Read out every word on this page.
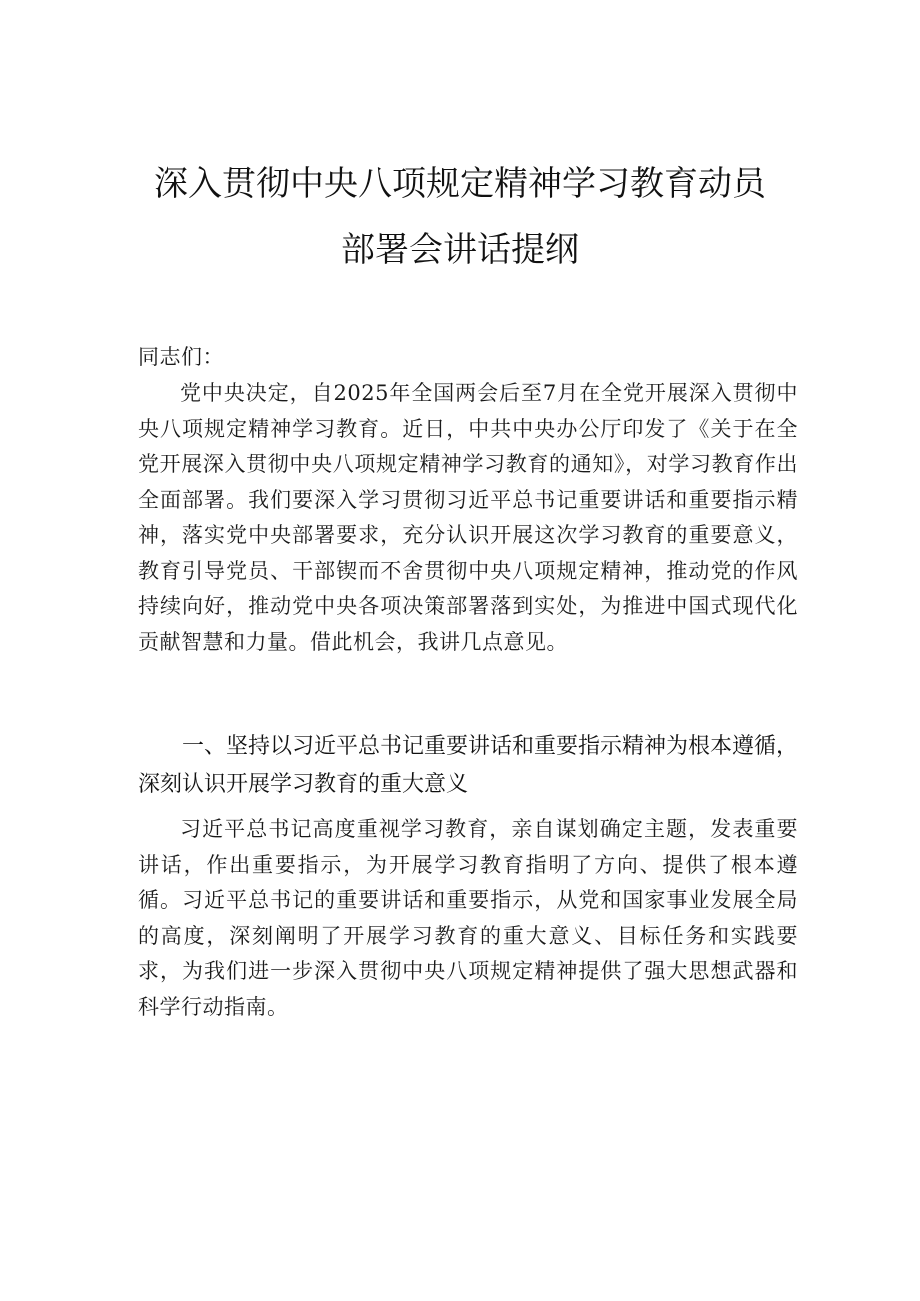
深入贯彻中央八项规定精神学习教育动员
部署会讲话提纲
同志们：
党中央决定，自2025年全国两会后至7月在全党开展深入贯彻中央八项规定精神学习教育。近日，中共中央办公厅印发了《关于在全党开展深入贯彻中央八项规定精神学习教育的通知》，对学习教育作出全面部署。我们要深入学习贯彻习近平总书记重要讲话和重要指示精神，落实党中央部署要求，充分认识开展这次学习教育的重要意义，教育引导党员、干部锲而不舍贯彻中央八项规定精神，推动党的作风持续向好，推动党中央各项决策部署落到实处，为推进中国式现代化贡献智慧和力量。借此机会，我讲几点意见。
一、坚持以习近平总书记重要讲话和重要指示精神为根本遵循，深刻认识开展学习教育的重大意义
习近平总书记高度重视学习教育，亲自谋划确定主题，发表重要讲话，作出重要指示，为开展学习教育指明了方向、提供了根本遵循。习近平总书记的重要讲话和重要指示，从党和国家事业发展全局的高度，深刻阐明了开展学习教育的重大意义、目标任务和实践要求，为我们进一步深入贯彻中央八项规定精神提供了强大思想武器和科学行动指南。
